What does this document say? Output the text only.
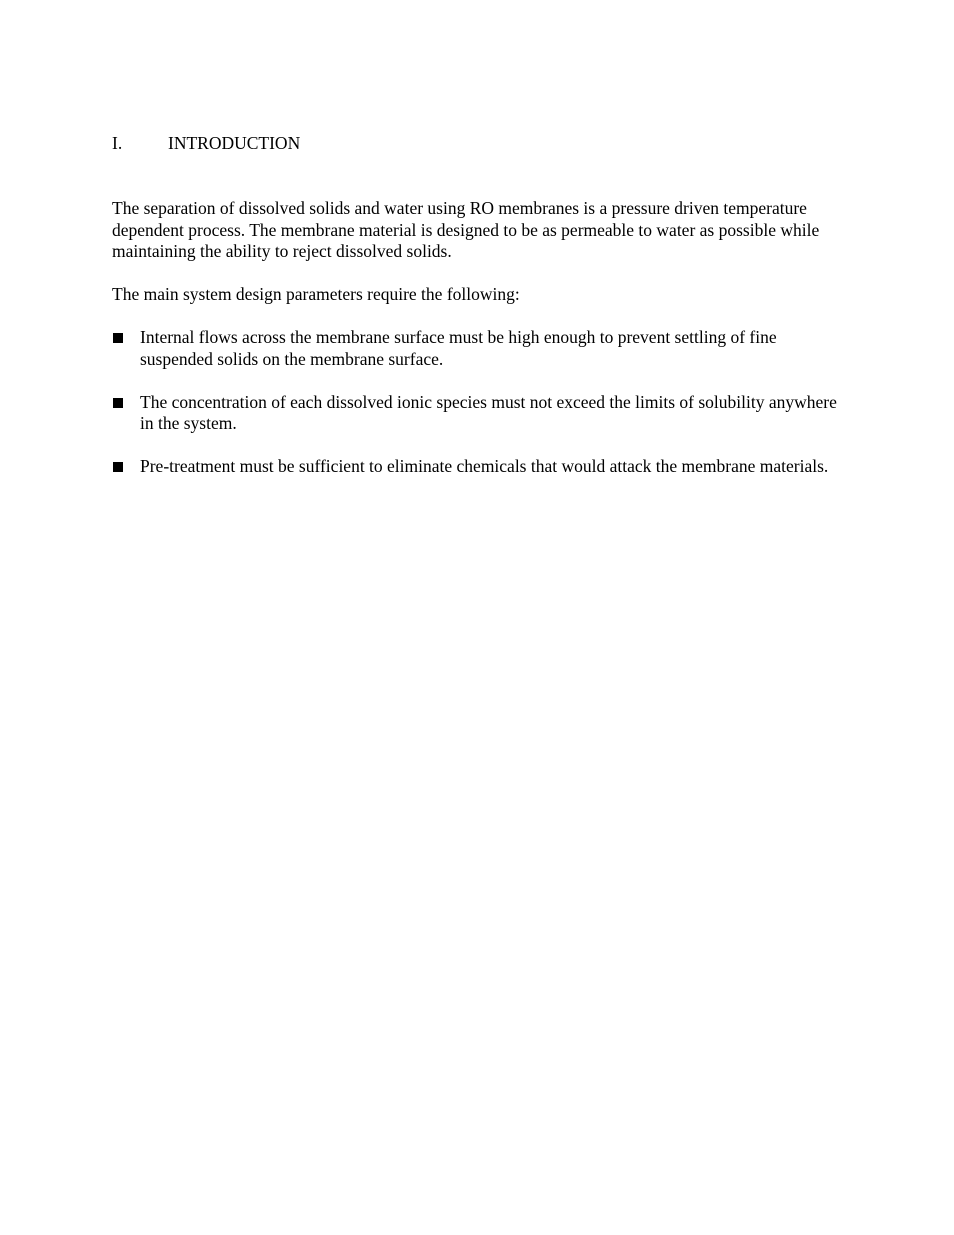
I.	INTRODUCTION

The separation of dissolved solids and water using RO membranes is a pressure driven temperature dependent process. The membrane material is designed to be as permeable to water as possible while maintaining the ability to reject dissolved solids.

The main system design parameters require the following:

Internal flows across the membrane surface must be high enough to prevent settling of fine suspended solids on the membrane surface.
The concentration of each dissolved ionic species must not exceed the limits of solubility anywhere in the system.
Pre-treatment must be sufficient to eliminate chemicals that would attack the membrane materials.
